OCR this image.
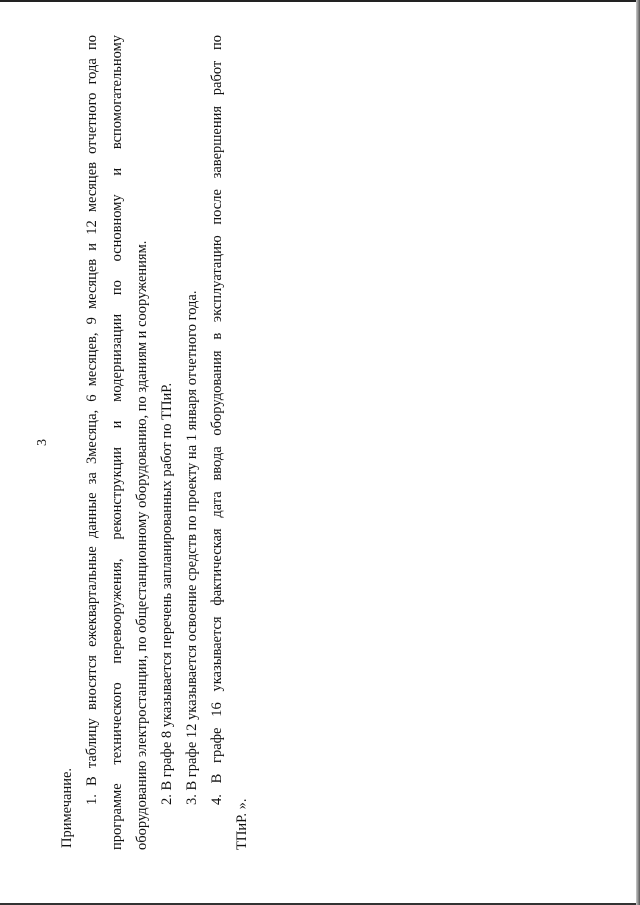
3

Примечание.

1. В таблицу вносятся ежеквартальные данные за 3месяца, 6 месяцев, 9 месяцев и 12 месяцев отчетного года по программе технического перевооружения, реконструкции и модернизации по основному и вспомогательному оборудованию электростанции, по общестанционному оборудованию, по зданиям и сооружениям. 2. В графе 8 указывается перечень запланированных работ по ТПиР. 3. В графе 12 указывается освоение средств по проекту на 1 января отчетного года. 4. В графе 16 указывается фактическая дата ввода оборудования в эксплуатацию после завершения работ по
ТПиР. ».
